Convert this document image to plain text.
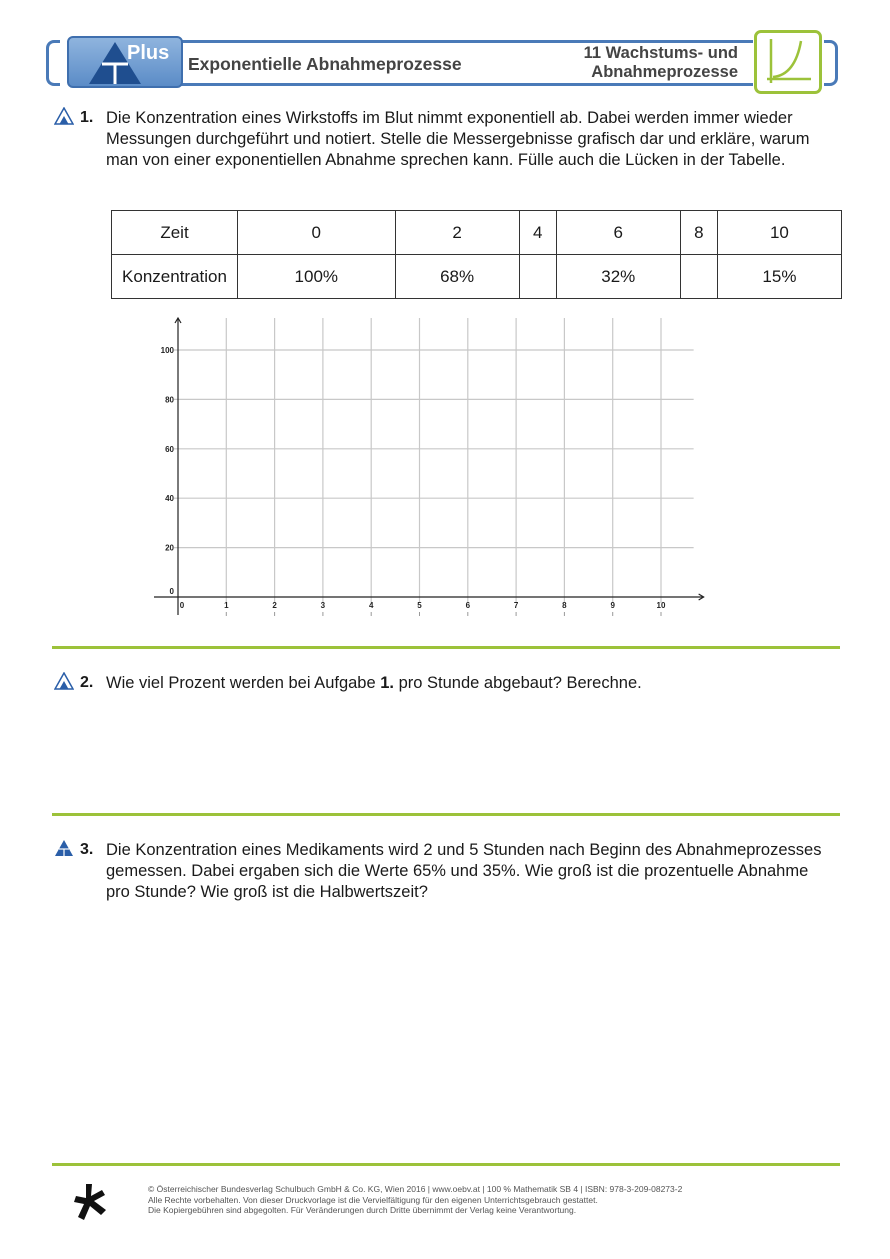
Plus Exponentielle Abnahmeprozesse
11 Wachstums- und
Abnahmeprozesse
1. Die Konzentration eines Wirkstoffs im Blut nimmt exponentiell ab. Dabei werden immer wieder Messungen durchgeführt und notiert. Stelle die Messergebnisse grafisch dar und erkläre, warum man von einer exponentiellen Abnahme sprechen kann. Fülle auch die Lücken in der Tabelle.
Zeit	0	2	4	6	8	10
Konzentration	100%	68%		32%		15%
0	1	2	3	4	5	6	7	8	9	10
0
20
40
60
80
100
2. Wie viel Prozent werden bei Aufgabe 1. pro Stunde abgebaut? Berechne.
3. Die Konzentration eines Medikaments wird 2 und 5 Stunden nach Beginn des Abnahmeprozesses gemessen. Dabei ergaben sich die Werte 65% und 35%. Wie groß ist die prozentuelle Abnahme pro Stunde? Wie groß ist die Halbwertszeit?
© Österreichischer Bundesverlag Schulbuch GmbH & Co. KG, Wien 2016 | www.oebv.at | 100 % Mathematik SB 4 | ISBN: 978-3-209-08273-2
Alle Rechte vorbehalten. Von dieser Druckvorlage ist die Vervielfältigung für den eigenen Unterrichtsgebrauch gestattet.
Die Kopiergebühren sind abgegolten. Für Veränderungen durch Dritte übernimmt der Verlag keine Verantwortung.
